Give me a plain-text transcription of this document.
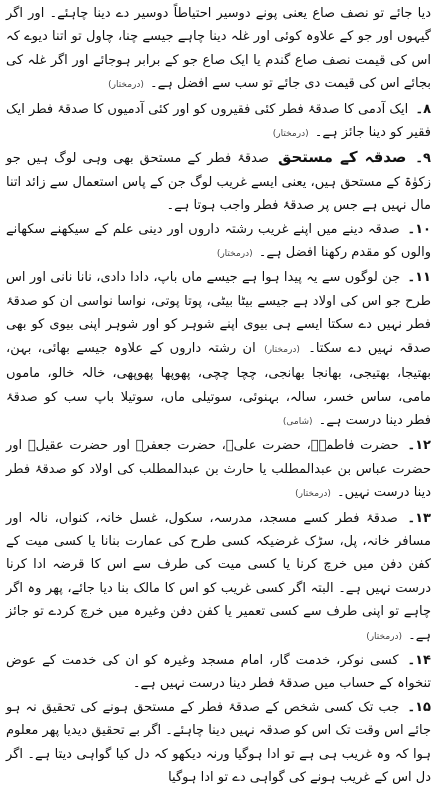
دیا جائے تو نصف صاع یعنی پونے دوسیر احتیاطاً دوسیر دے دینا چاہئے۔ اور اگر گیہوں اور جو کے علاوہ کوئی اور غلہ دینا چاہے جیسے چنا، چاول تو اتنا دیوے کہ اس کی قیمت نصف صاع گندم یا ایک صاع جو کے برابر ہوجائے اور اگر غلہ کی بجائے اس کی قیمت دی جائے تو سب سے افضل ہے۔ (درمختار)

۸۔ ایک آدمی کا صدقۂ فطر کئی فقیروں کو اور کئی آدمیوں کا صدقۂ فطر ایک فقیر کو دینا جائز ہے۔ (درمختار)

۹۔ صدقہ کے مستحق صدقۂ فطر کے مستحق بھی وہی لوگ ہیں جو زکوٰۃ کے مستحق ہیں، یعنی ایسے غریب لوگ جن کے پاس استعمال سے زائد اتنا مال نہیں ہے جس پر صدقۂ فطر واجب ہوتا ہے۔

۱۰۔ صدقہ دینے میں اپنے غریب رشتہ داروں اور دینی علم کے سیکھنے سکھانے والوں کو مقدم رکھنا افضل ہے۔ (درمختار)

۱۱۔ جن لوگوں سے یہ پیدا ہوا ہے جیسے ماں باپ، دادا دادی، نانا نانی اور اس طرح جو اس کی اولاد ہے جیسے بیٹا بیٹی، پوتا پوتی، نواسا نواسی ان کو صدقۂ فطر نہیں دے سکتا ایسے ہی بیوی اپنے شوہر کو اور شوہر اپنی بیوی کو بھی صدقہ نہیں دے سکتا۔ (درمختار) ان رشتہ داروں کے علاوہ جیسے بھائی، بہن، بھتیجا، بھتیجی، بھانجا بھانجی، چچا چچی، پھوپھا پھوپھی، خالہ خالو، ماموں مامی، ساس خسر، سالہ، بہنوئی، سوتیلی ماں، سوتیلا باپ سب کو صدقۂ فطر دینا درست ہے۔ (شامی)

۱۲۔ حضرت فاطمہؓ، حضرت علیؓ، حضرت جعفرؓ اور حضرت عقیلؓ اور حضرت عباس بن عبدالمطلب یا حارث بن عبدالمطلب کی اولاد کو صدقۂ فطر دینا درست نہیں۔ (درمختار)

۱۳۔ صدقۂ فطر کسے مسجد، مدرسہ، سکول، غسل خانہ، کنواں، نالہ اور مسافر خانہ، پل، سڑک غرضیکہ کسی طرح کی عمارت بنانا یا کسی میت کے کفن دفن میں خرچ کرنا یا کسی میت کی طرف سے اس کا قرضہ ادا کرنا درست نہیں ہے۔ البتہ اگر کسی غریب کو اس کا مالک بنا دیا جائے، پھر وہ اگر چاہے تو اپنی طرف سے کسی تعمیر یا کفن دفن وغیرہ میں خرچ کردے تو جائز ہے۔ (درمختار)

۱۴۔ کسی نوکر، خدمت گار، امام مسجد وغیرہ کو ان کی خدمت کے عوض تنخواہ کے حساب میں صدقۂ فطر دینا درست نہیں ہے۔

۱۵۔ جب تک کسی شخص کے صدقۂ فطر کے مستحق ہونے کی تحقیق نہ ہو جائے اس وقت تک اس کو صدقہ نہیں دینا چاہئے۔ اگر بے تحقیق دیدیا پھر معلوم ہوا کہ وہ غریب ہی ہے تو ادا ہوگیا ورنہ دیکھو کہ دل کیا گواہی دیتا ہے۔ اگر دل اس کے غریب ہونے کی گواہی دے تو ادا ہوگیا
